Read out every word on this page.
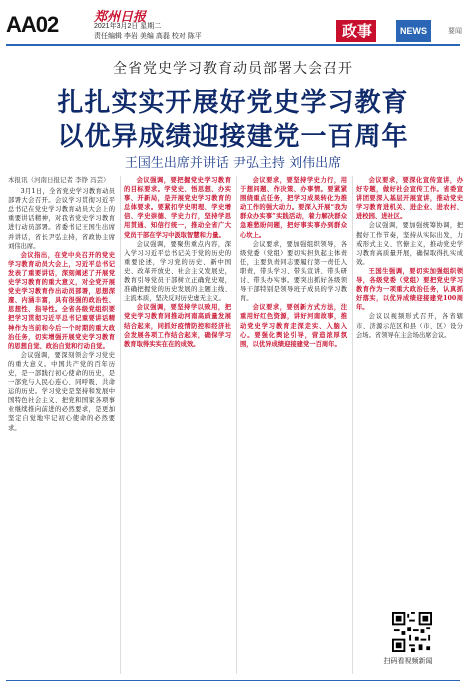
AA02	郑州日报
2021年3月2日 星期二
责任编辑 李岩 美编 高磊 校对 陈平	政事	NEWS	要闻
全省党史学习教育动员部署大会召开
扎扎实实开展好党史学习教育
以优异成绩迎接建党一百周年
王国生出席并讲话 尹弘主持 刘伟出席

本报讯（河南日报记者 李铮 冯芸）

3月1日，全省党史学习教育动员部署大会召开。会议学习贯彻习近平总书记在党史学习教育动员大会上的重要讲话精神，对我省党史学习教育进行动员部署。省委书记王国生出席并讲话，省长尹弘主持，省政协主席刘伟出席。

会议指出，在党中央召开的党史学习教育动员大会上，习近平总书记发表了重要讲话，深刻阐述了开展党史学习教育的重大意义，对全党开展党史学习教育作出动员部署，思想深邃、内涵丰富，具有很强的政治性、思想性、指导性。全省各级党组织要把学习贯彻习近平总书记重要讲话精神作为当前和今后一个时期的重大政治任务，切实增强开展党史学习教育的思想自觉、政治自觉和行动自觉。

会议强调，要深刻领会学习党史的重大意义。中国共产党的百年历史，是一部践行初心使命的历史，是一部党与人民心连心、同呼吸、共命运的历史。学习党史是坚持和发展中国特色社会主义、把党和国家各项事业继续推向前进的必然要求，是更加坚定自觉地牢记初心使命的必然要求。

会议强调，要把握党史学习教育的目标要求。学党史、悟思想、办实事、开新局，是开展党史学习教育的总体要求。要紧扣学史明理、学史增信、学史崇德、学史力行，坚持学思用贯通、知信行统一，推动全省广大党员干部在学习中汲取智慧和力量。

会议强调，要聚焦重点内容，深入学习习近平总书记关于党的历史的重要论述，学习党的历史、新中国史、改革开放史、社会主义发展史，教育引导党员干部树立正确党史观，准确把握党的历史发展的主题主线、主流本质，坚决反对历史虚无主义。

会议强调，要坚持学以致用，把党史学习教育同推动河南高质量发展结合起来，同抓好疫情防控和经济社会发展各项工作结合起来，确保学习教育取得实实在在的成效。

会议要求，要坚持学史力行，用于想问题、作决策、办事情。要紧紧围绕重点任务，把学习成果转化为推动工作的强大动力。要深入开展“我为群众办实事”实践活动，着力解决群众急难愁盼问题，把好事实事办到群众心坎上。

会议要求，要加强组织领导，各级党委（党组）要切实担负起主体责任，主要负责同志要履行第一责任人职责，带头学习、带头宣讲、带头研讨、带头办实事。要突出抓好各级领导干部特别是领导班子成员的学习教育。

会议要求，要创新方式方法，注重用好红色资源，讲好河南故事，推动党史学习教育走深走实、入脑入心。要强化舆论引导，营造浓厚氛围，以优异成绩迎接建党一百周年。

会议要求，要深化宣传宣讲，办好专题，做好社会宣传工作。省委宣讲团要深入基层开展宣讲，推动党史学习教育进机关、进企业、进农村、进校园、进社区。

会议强调，要加强统筹协调，把握好工作节奏，坚持从实际出发，力戒形式主义、官僚主义，推动党史学习教育高质量开展，确保取得扎实成效。

王国生强调，要切实加强组织领导，各级党委（党组）要把党史学习教育作为一项重大政治任务，认真抓好落实，以优异成绩迎接建党100周年。

会议以视频形式召开，各省辖市、济源示范区和县（市、区）设分会场。省领导在主会场出席会议。

扫码看视频新闻
